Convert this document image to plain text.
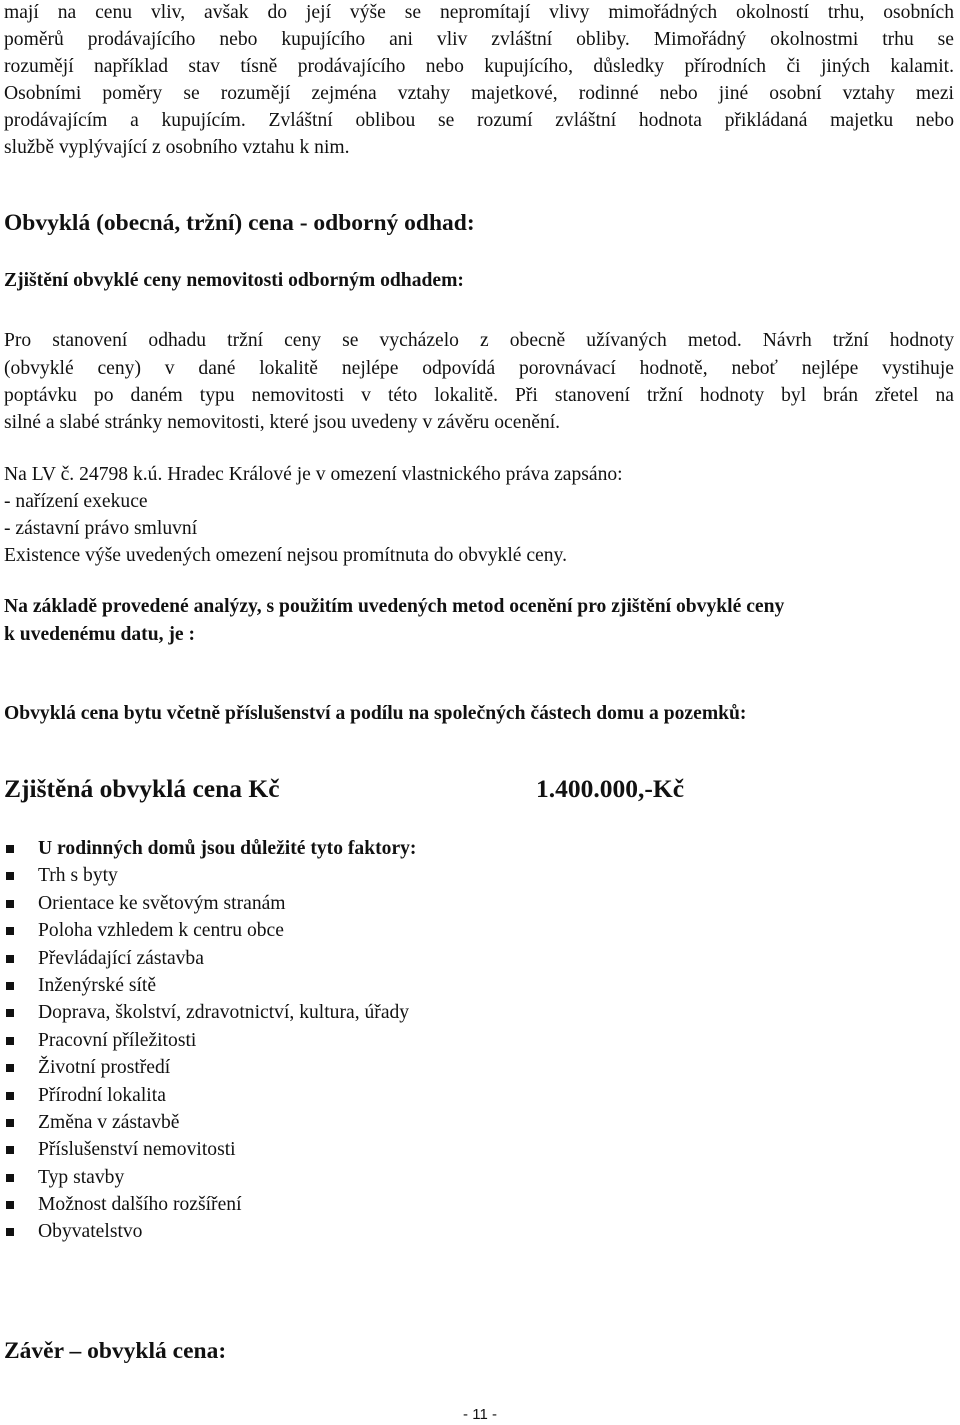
mají na cenu vliv, avšak do její výše se nepromítají vlivy mimořádných okolností trhu, osobních

poměrů prodávajícího nebo kupujícího ani vliv zvláštní obliby. Mimořádný okolnostmi trhu se

rozumějí například stav tísně prodávajícího nebo kupujícího, důsledky přírodních či jiných kalamit.

Osobními poměry se rozumějí zejména vztahy majetkové, rodinné nebo jiné osobní vztahy mezi

prodávajícím a kupujícím. Zvláštní oblibou se rozumí zvláštní hodnota přikládaná majetku nebo

službě vyplývající z osobního vztahu k nim.

Obvyklá (obecná, tržní) cena - odborný odhad:
Zjištění obvyklé ceny nemovitosti odborným odhadem:

Pro stanovení odhadu tržní ceny se vycházelo z obecně užívaných metod. Návrh tržní hodnoty

(obvyklé ceny) v dané lokalitě nejlépe odpovídá porovnávací hodnotě, neboť nejlépe vystihuje

poptávku po daném typu nemovitosti v této lokalitě. Při stanovení tržní hodnoty byl brán zřetel na

silné a slabé stránky nemovitosti, které jsou uvedeny v závěru ocenění.

Na LV č. 24798 k.ú. Hradec Králové je v omezení vlastnického práva zapsáno:

- nařízení exekuce

- zástavní právo smluvní

Existence výše uvedených omezení nejsou promítnuta do obvyklé ceny.

Na základě provedené analýzy, s použitím uvedených metod ocenění pro zjištění obvyklé ceny

k uvedenému datu, je :

Obvyklá cena bytu včetně příslušenství a podílu na společných částech domu a pozemků:
Zjištěná obvyklá cena Kč	1.400.000,-Kč
U rodinných domů jsou důležité tyto faktory:
Trh s byty
Orientace ke světovým stranám
Poloha vzhledem k centru obce
Převládající zástavba
Inženýrské sítě
Doprava, školství, zdravotnictví, kultura, úřady
Pracovní příležitosti
Životní prostředí
Přírodní lokalita
Změna v zástavbě
Příslušenství nemovitosti
Typ stavby
Možnost dalšího rozšíření
Obyvatelstvo
Závěr – obvyklá cena:
- 11 -
